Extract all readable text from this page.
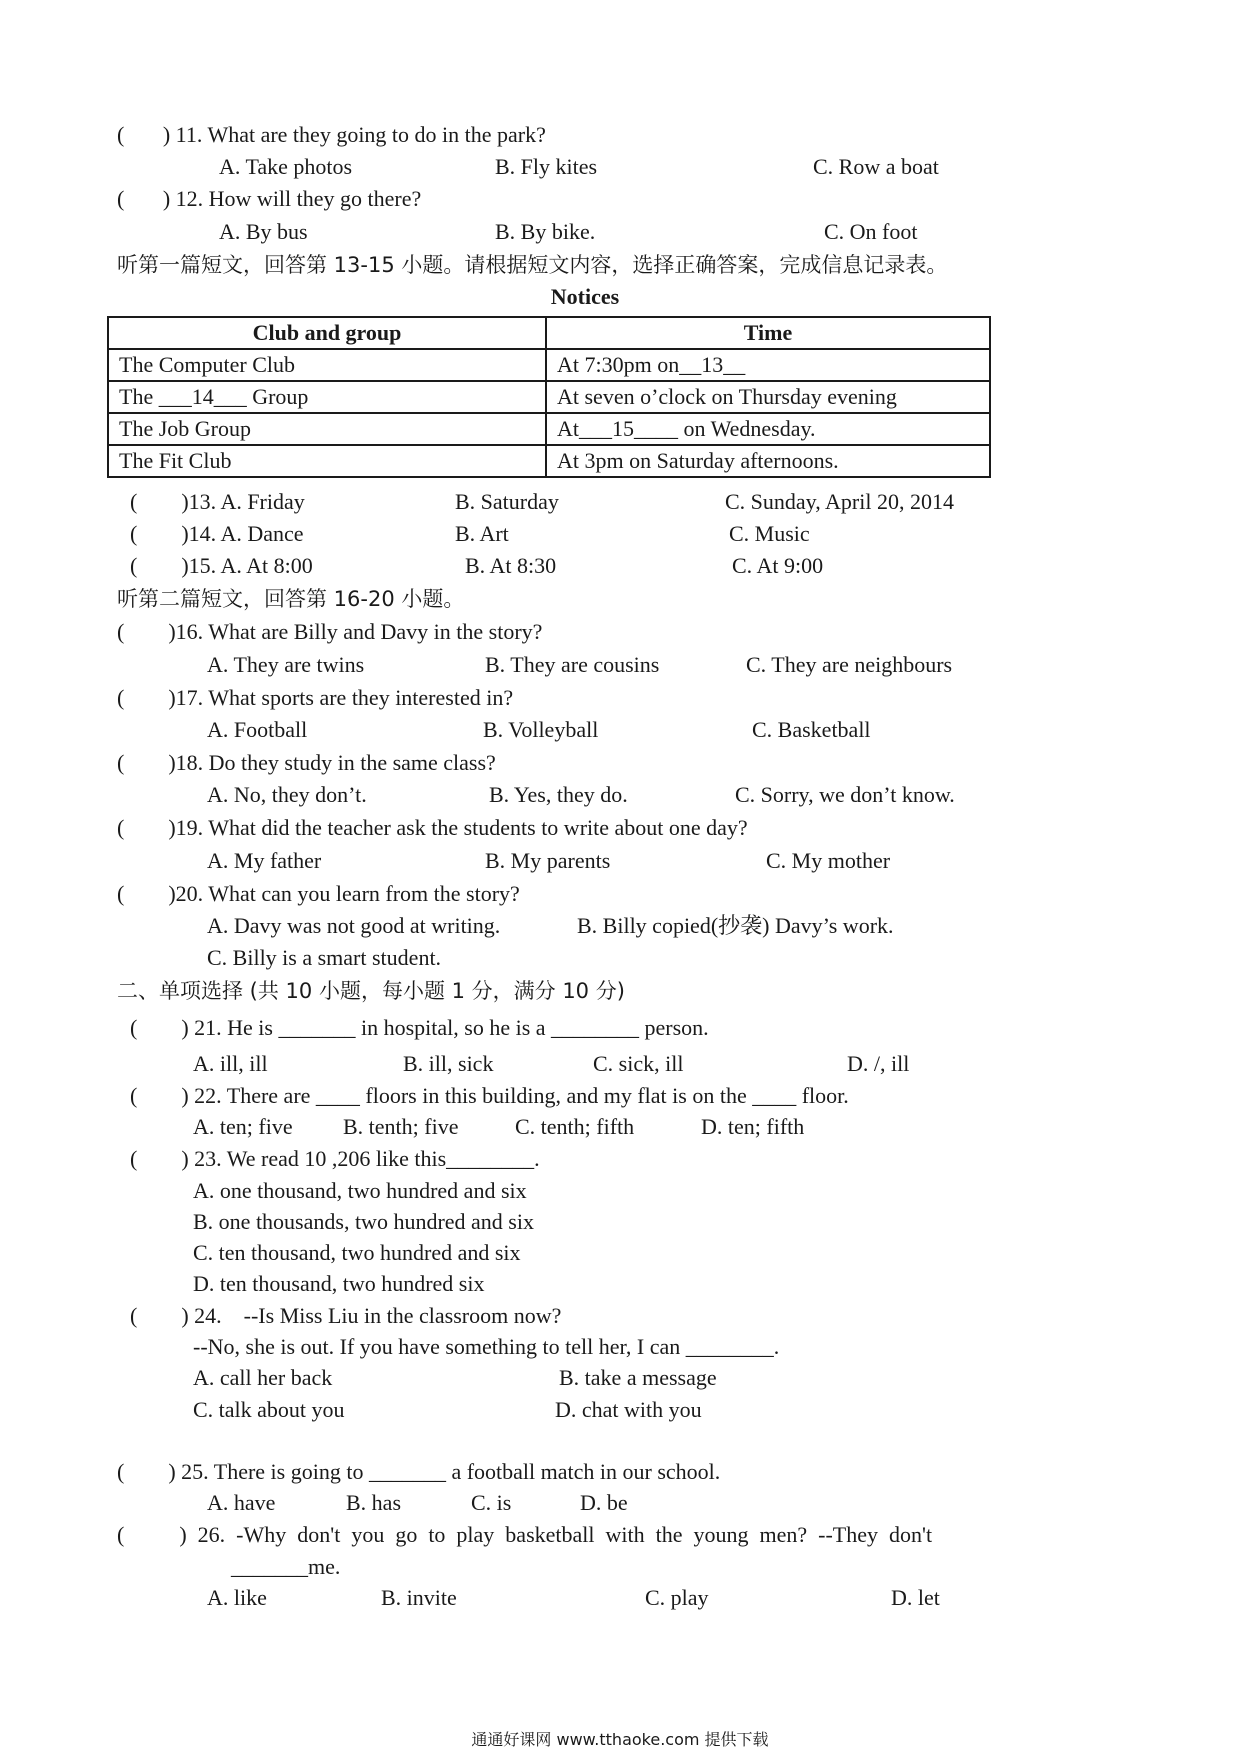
(       ) 11. What are they going to do in the park?
A. Take photos	B. Fly kites	C. Row a boat
(       ) 12. How will they go there?
A. By bus	B. By bike.	C. On foot
听第一篇短文，回答第 13-15 小题。请根据短文内容，选择正确答案，完成信息记录表。
Notices
Club and group	Time
The Computer Club	At 7:30pm on__13__
The ___14___ Group	At seven o’clock on Thursday evening
The Job Group	At___15____ on Wednesday.
The Fit Club	At 3pm on Saturday afternoons.
(        )13. A. Friday	B. Saturday	C. Sunday, April 20, 2014
(        )14. A. Dance	B. Art	C. Music
(        )15. A. At 8:00	B. At 8:30	C. At 9:00
听第二篇短文，回答第 16-20 小题。
(        )16. What are Billy and Davy in the story?
A. They are twins	B. They are cousins	C. They are neighbours
(        )17. What sports are they interested in?
A. Football	B. Volleyball	C. Basketball
(        )18. Do they study in the same class?
A. No, they don’t.	B. Yes, they do.	C. Sorry, we don’t know.
(        )19. What did the teacher ask the students to write about one day?
A. My father	B. My parents	C. My mother
(        )20. What can you learn from the story?
A. Davy was not good at writing.	B. Billy copied(抄袭) Davy’s work.
C. Billy is a smart student.
二、单项选择 (共 10 小题，每小题 1 分，满分 10 分)
(        ) 21. He is _______ in hospital, so he is a ________ person.
A. ill, ill	B. ill, sick	C. sick, ill	D. /, ill
(        ) 22. There are ____ floors in this building, and my flat is on the ____ floor.
A. ten; five B. tenth; five	C. tenth; fifth	D. ten; fifth
(        ) 23. We read 10 ,206 like this________.
A. one thousand, two hundred and six
B. one thousands, two hundred and six
C. ten thousand, two hundred and six
D. ten thousand, two hundred six
(        ) 24.    --Is Miss Liu in the classroom now?
--No, she is out. If you have something to tell her, I can ________.
A. call her back	B. take a message
C. talk about you	D. chat with you
(        ) 25. There is going to _______ a football match in our school.
A. have	B. has	C. is	D. be
(          )  26.  -Why  don't  you  go  to  play  basketball  with  the  young  men?  --They  don't
_______me.
A. like	B. invite	C. play	D. let
通通好课网 www.tthaoke.com 提供下载
